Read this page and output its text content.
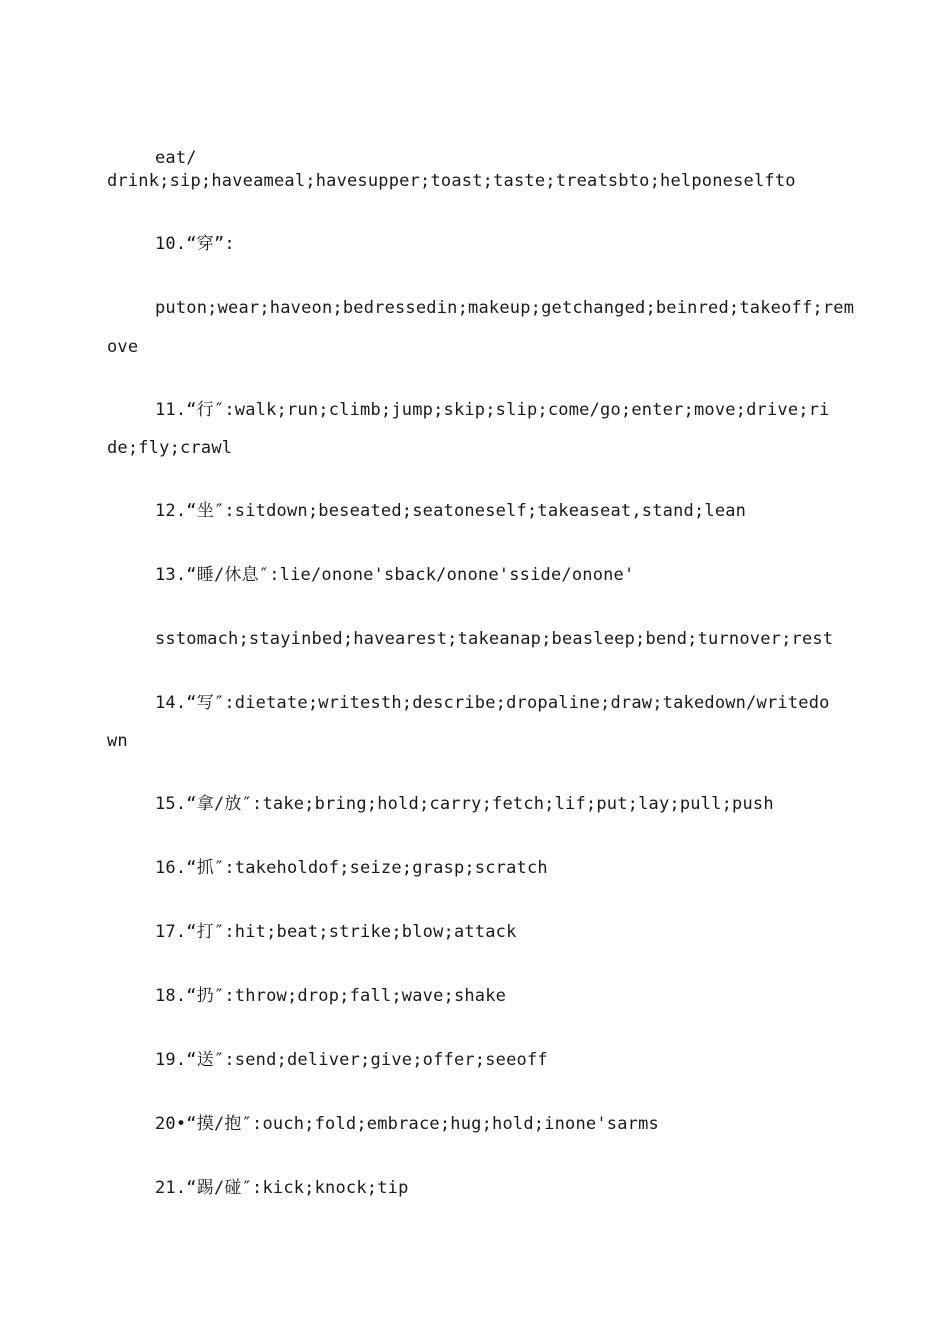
eat/
drink;sip;haveameal;havesupper;toast;taste;treatsbto;helponeselfto
10.“穿”:
puton;wear;haveon;bedressedin;makeup;getchanged;beinred;takeoff;rem
ove
11.“行″:walk;run;climb;jump;skip;slip;come/go;enter;move;drive;ri
de;fly;crawl
12.“坐″:sitdown;beseated;seatoneself;takeaseat,stand;lean
13.“睡/休息″:lie/onone'sback/onone'sside/onone'
sstomach;stayinbed;havearest;takeanap;beasleep;bend;turnover;rest
14.“写″:dietate;writesth;describe;dropaline;draw;takedown/writedo
wn
15.“拿/放″:take;bring;hold;carry;fetch;lif;put;lay;pull;push
16.“抓″:takeholdof;seize;grasp;scratch
17.“打″:hit;beat;strike;blow;attack
18.“扔″:throw;drop;fall;wave;shake
19.“送″:send;deliver;give;offer;seeoff
20•“摸/抱″:ouch;fold;embrace;hug;hold;inone'sarms
21.“踢/碰″:kick;knock;tip
